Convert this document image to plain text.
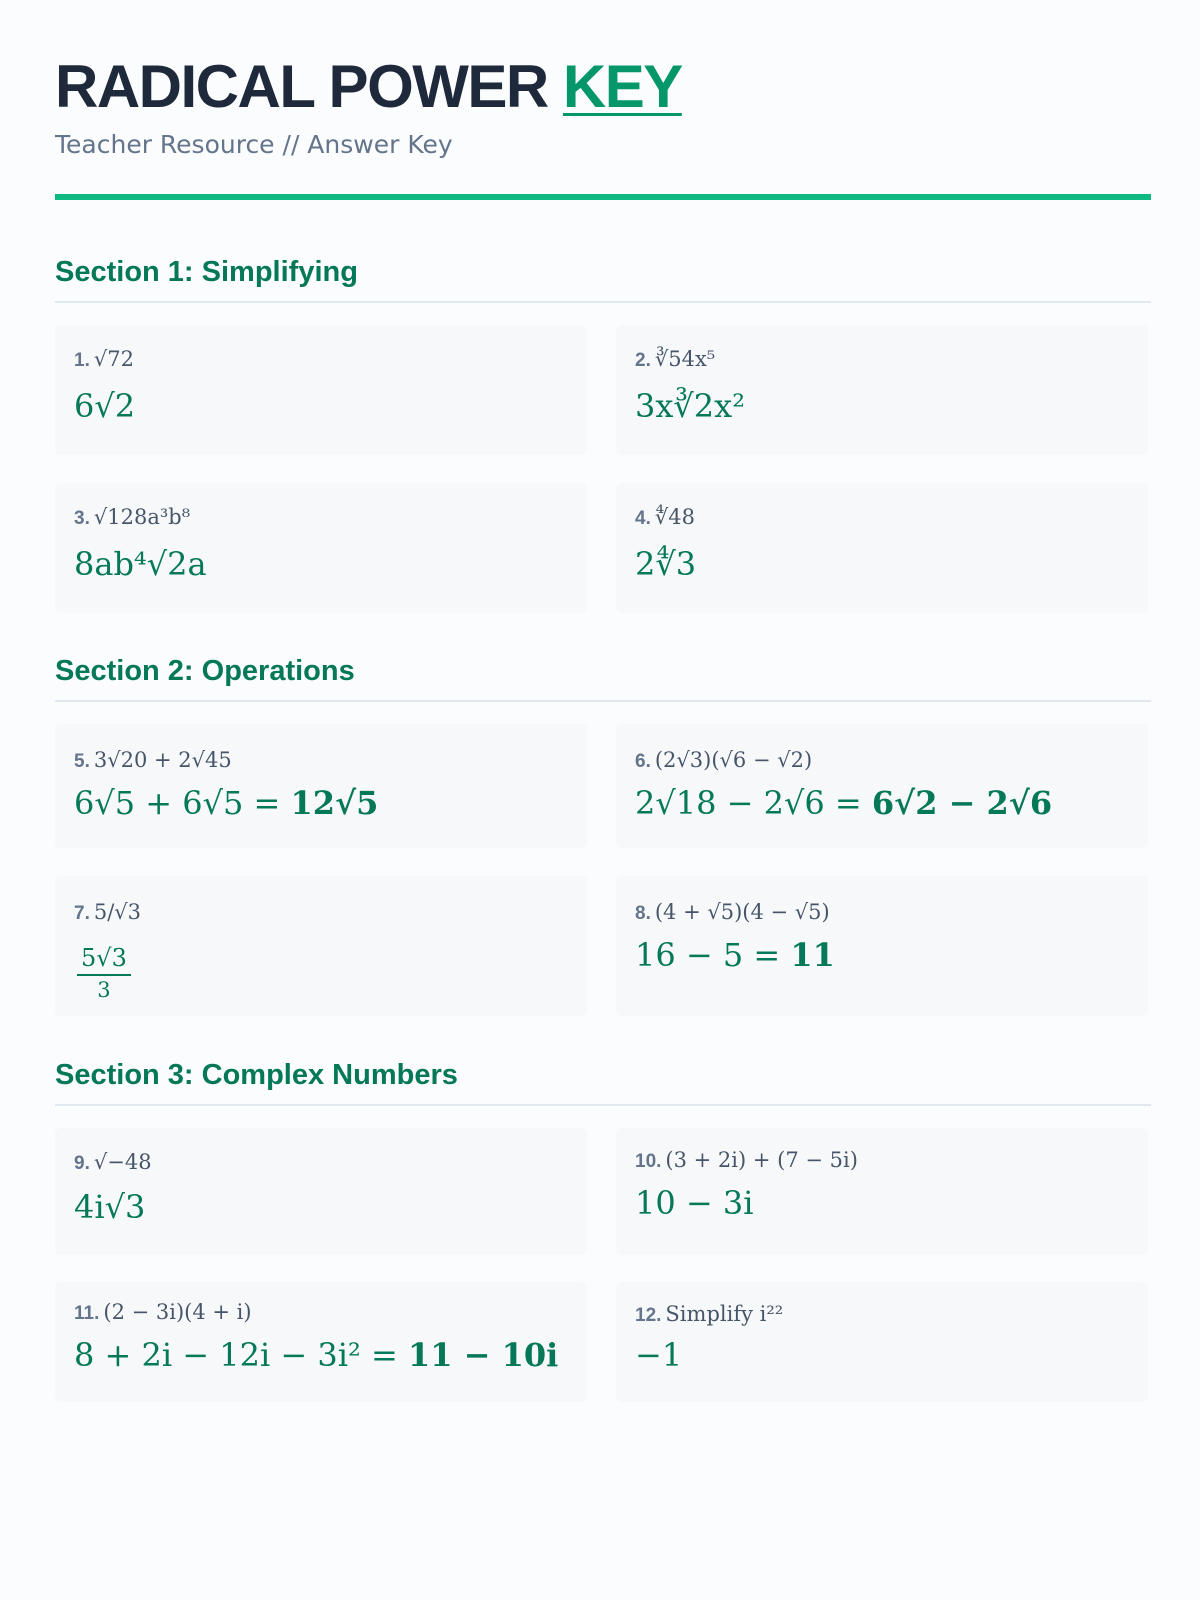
RADICAL POWER KEY
Teacher Resource // Answer Key
Section 1: Simplifying
1. √72
6√2
2. ∛54x⁵
3x∛2x²
3. √128a³b⁸
8ab⁴√2a
4. ∜48
2∜3
Section 2: Operations
5. 3√20 + 2√45
6√5 + 6√5 = 12√5
6. (2√3)(√6 − √2)
2√18 − 2√6 = 6√2 − 2√6
7. 5/√3
$\frac{5√3}{3}$
8. (4 + √5)(4 − √5)
16 − 5 = 11
Section 3: Complex Numbers
9. √−48
4i√3
10. (3 + 2i) + (7 − 5i)
10 − 3i
11. (2 − 3i)(4 + i)
8 + 2i − 12i − 3i² = 11 − 10i
12. Simplify i²²
−1
